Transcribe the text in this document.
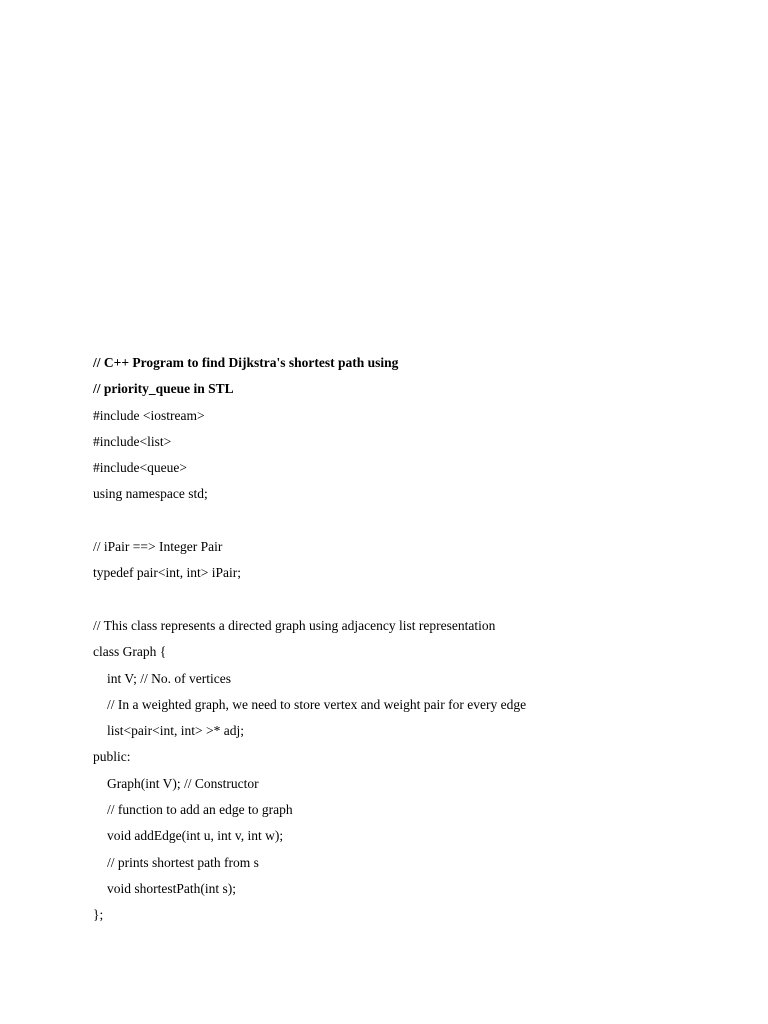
// C++ Program to find Dijkstra's shortest path using
// priority_queue in STL
#include <iostream>
#include<list>
#include<queue>
using namespace std;
// iPair ==> Integer Pair
typedef pair<int, int> iPair;
// This class represents a directed graph using adjacency list representation
class Graph {
int V; // No. of vertices
// In a weighted graph, we need to store vertex and weight pair for every edge
list<pair<int, int> >* adj;
public:
Graph(int V); // Constructor
// function to add an edge to graph
void addEdge(int u, int v, int w);
// prints shortest path from s
void shortestPath(int s);
};
